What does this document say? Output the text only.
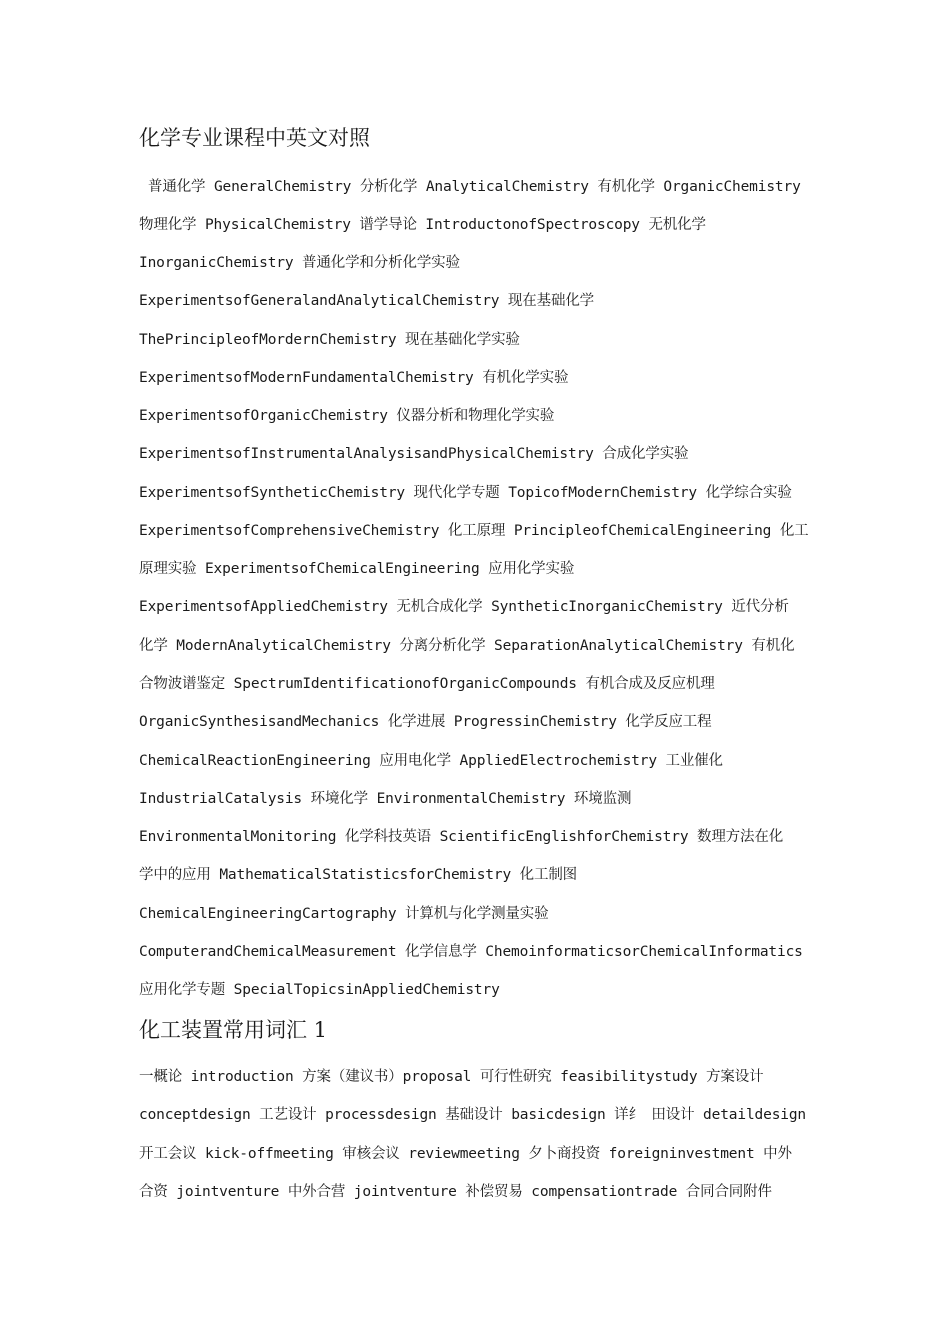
化学专业课程中英文对照
普通化学 GeneralChemistry 分析化学 AnalyticalChemistry 有机化学 OrganicChemistry
物理化学 PhysicalChemistry 谱学导论 IntroductonofSpectroscopy 无机化学
InorganicChemistry 普通化学和分析化学实验
ExperimentsofGeneralandAnalyticalChemistry 现在基础化学
ThePrincipleofMordernChemistry 现在基础化学实验
ExperimentsofModernFundamentalChemistry 有机化学实验
ExperimentsofOrganicChemistry 仪器分析和物理化学实验
ExperimentsofInstrumentalAnalysisandPhysicalChemistry 合成化学实验
ExperimentsofSyntheticChemistry 现代化学专题 TopicofModernChemistry 化学综合实验
ExperimentsofComprehensiveChemistry 化工原理 PrincipleofChemicalEngineering 化工
原理实验 ExperimentsofChemicalEngineering 应用化学实验
ExperimentsofAppliedChemistry 无机合成化学 SyntheticInorganicChemistry 近代分析
化学 ModernAnalyticalChemistry 分离分析化学 SeparationAnalyticalChemistry 有机化
合物波谱鉴定 SpectrumIdentificationofOrganicCompounds 有机合成及反应机理
OrganicSynthesisandMechanics 化学进展 ProgressinChemistry 化学反应工程
ChemicalReactionEngineering 应用电化学 AppliedElectrochemistry 工业催化
IndustrialCatalysis 环境化学 EnvironmentalChemistry 环境监测
EnvironmentalMonitoring 化学科技英语 ScientificEnglishforChemistry 数理方法在化
学中的应用 MathematicalStatisticsforChemistry 化工制图
ChemicalEngineeringCartography 计算机与化学测量实验
ComputerandChemicalMeasurement 化学信息学 ChemoinformaticsorChemicalInformatics
应用化学专题 SpecialTopicsinAppliedChemistry
化工装置常用词汇 1
一概论 introduction 方案（建议书）proposal 可行性研究 feasibilitystudy 方案设计
conceptdesign 工艺设计 processdesign 基础设计 basicdesign 详纟 田设计 detaildesign
开工会议 kick-offmeeting 审核会议 reviewmeeting 夕卜商投资 foreigninvestment 中外
合资 jointventure 中外合营 jointventure 补偿贸易 compensationtrade 合同合同附件
